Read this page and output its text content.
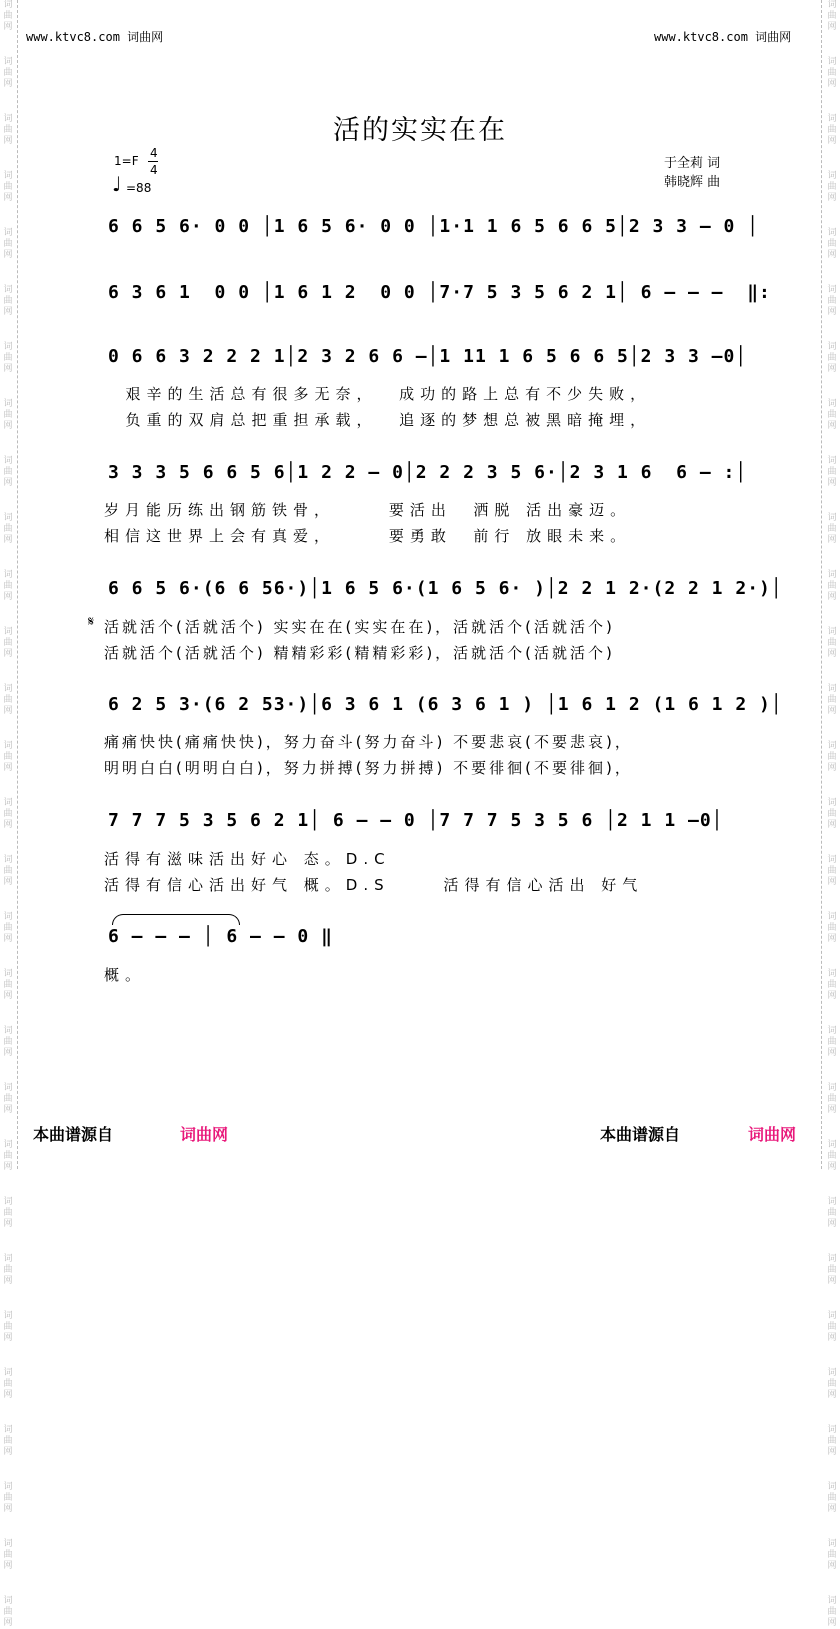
词
曲
网
词
曲
网
词
曲
网
词
曲
网
词
曲
网
词
曲
网
词
曲
网
词
曲
网
词
曲
网
词
曲
网
词
曲
网
词
曲
网
词
曲
网
词
曲
网
词
曲
网
词
曲
网
词
曲
网
词
曲
网
词
曲
网
词
曲
网
词
曲
网
词
曲
网
词
曲
网
词
曲
网
词
曲
网
词
曲
网
词
曲
网
词
曲
网
词
曲
网
词
曲
网
词
曲
网
词
曲
网
词
曲
网
词
曲
网
词
曲
网
词
曲
网
词
曲
网
词
曲
网
词
曲
网
词
曲
网
词
曲
网
词
曲
网
词
曲
网
词
曲
网
词
曲
网
词
曲
网
词
曲
网
词
曲
网
词
曲
网
词
曲
网
词
曲
网
词
曲
网
词
曲
网
词
曲
网
词
曲
网
词
曲
网
词
曲
网
词
曲
网
www.ktvc8.com 词曲网	www.ktvc8.com 词曲网
活的实实在在
1=F
4
4
♩ =88
于全莉 词
韩晓辉 曲
6 6 5 6· 0 0 │1 6 5 6· 0 0 │1·1 1 6 5 6 6 5│2 3 3 – 0 │
6 3 6 1  0 0 │1 6 1 2  0 0 │7·7 5 3 5 6 2 1│ 6 – – –  ‖:
0 6 6 3 2 2 2 1│2 3 2 6 6 –│1 11 1 6 5 6 6 5│2 3 3 –0│
艰辛的生活总有很多无奈，  成功的路上总有不少失败，
负重的双肩总把重担承载，  追逐的梦想总被黑暗掩埋，
3 3 3 5 6 6 5 6│1 2 2 – 0│2 2 2 3 5 6·│2 3 1 6  6 – :│
岁月能历练出钢筋铁骨，     要活出  洒脱 活出豪迈。
相信这世界上会有真爱，     要勇敢  前行 放眼未来。
6 6 5 6·(6 6 56·)│1 6 5 6·(1 6 5 6· )│2 2 1 2·(2 2 1 2·)│
𝄋 活就活个(活就活个) 实实在在(实实在在)，活就活个(活就活个)
活就活个(活就活个) 精精彩彩(精精彩彩)，活就活个(活就活个)
6 2 5 3·(6 2 53·)│6 3 6 1 (6 3 6 1 ) │1 6 1 2 (1 6 1 2 )│
痛痛快快(痛痛快快)，努力奋斗(努力奋斗) 不要悲哀(不要悲哀)，
明明白白(明明白白)，努力拼搏(努力拼搏) 不要徘徊(不要徘徊)，
7 7 7 5 3 5 6 2 1│ 6 – – 0 │7 7 7 5 3 5 6 │2 1 1 –0│
活得有滋味活出好心 态。D.C
活得有信心活出好气 概。D.S     活得有信心活出 好气
6 – – – │ 6 – – 0 ‖
概。
本曲谱源自	词曲网	本曲谱源自	词曲网
